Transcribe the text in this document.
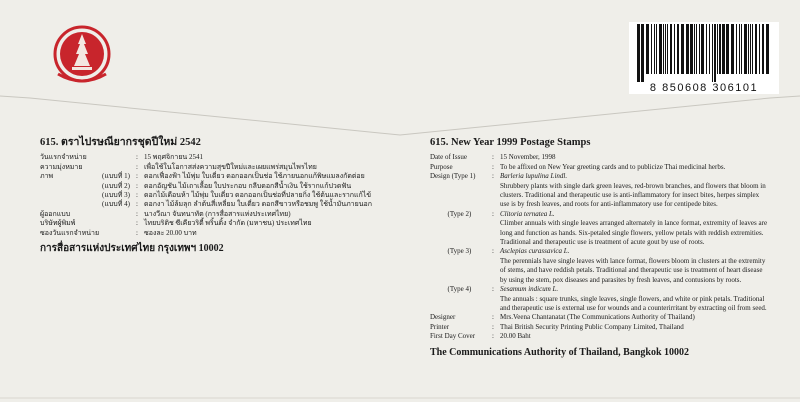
8 850608 306101
615. ตราไปรษณียากรชุดปีใหม่ 2542
วันแรกจำหน่าย	: 15 พฤศจิกายน 2541
ความมุ่งหมาย	: เพื่อใช้ในโอกาสส่งความสุขปีใหม่และเผยแพร่สมุนไพรไทย
ภาพ	(แบบที่ 1) : ดอกเฟื่องฟ้า ไม้พุ่ม ใบเดี่ยว ดอกออกเป็นช่อ ใช้ภายนอกแก้พิษแมลงกัดต่อย
(แบบที่ 2) : ดอกอัญชัน ไม้เถาเลื้อย ใบประกอบ กลีบดอกสีน้ำเงิน ใช้รากแก้ปวดฟัน
(แบบที่ 3) : ดอกไม้เดือนห้า ไม้พุ่ม ใบเดี่ยว ดอกออกเป็นช่อที่ปลายกิ่ง ใช้ต้นและรากแก้ไข้
(แบบที่ 4) : ดอกงา ไม้ล้มลุก ลำต้นสี่เหลี่ยม ใบเดี่ยว ดอกสีขาวหรือชมพู ใช้น้ำมันภายนอก
ผู้ออกแบบ	: นางวีณา จันทนาทัต (การสื่อสารแห่งประเทศไทย)
บริษัทผู้พิมพ์	: ไทยบริติช ซีเคียวริตี้ พริ้นติ้ง จำกัด (มหาชน) ประเทศไทย
ซองวันแรกจำหน่าย	: ซองละ 20.00 บาท
การสื่อสารแห่งประเทศไทย กรุงเทพฯ 10002
615. New Year 1999 Postage Stamps
Date of Issue	: 15 November, 1998
Purpose	: To be affixed on New Year greeting cards and to publicize Thai medicinal herbs.
Design (Type 1)	: Barleria lupulina Lindl.
Shrubbery plants with single dark green leaves, red-brown branches, and flowers that bloom in clusters. Traditional and therapeutic use is anti-inflammatory for insect bites, herpes simplex use is by fresh leaves, and roots for anti-inflammatory use for centipede bites.
(Type 2)	: Clitoria ternatea L.
Climber annuals with single leaves arranged alternately in lance format, extremity of leaves are long and function as hands. Six-petaled single flowers, yellow petals with reddish extremities. Traditional and therapeutic use is treatment of acute gout by use of roots.
(Type 3)	: Asclepias curassavica L.
The perennials have single leaves with lance format, flowers bloom in clusters at the extremity of stems, and have reddish petals. Traditional and therapeutic use is treatment of heart disease by using the stem, pox diseases and parasites by fresh leaves, and contusions by roots.
(Type 4)	: Sesamum indicum L.
The annuals : square trunks, single leaves, single flowers, and white or pink petals. Traditional and therapeutic use is external use for wounds and a counterirritant by extracting oil from seed.
Designer	: Mrs.Veena Chantanatat (The Communications Authority of Thailand)
Printer	: Thai British Security Printing Public Company Limited, Thailand
First Day Cover	: 20.00 Baht
The Communications Authority of Thailand, Bangkok 10002
